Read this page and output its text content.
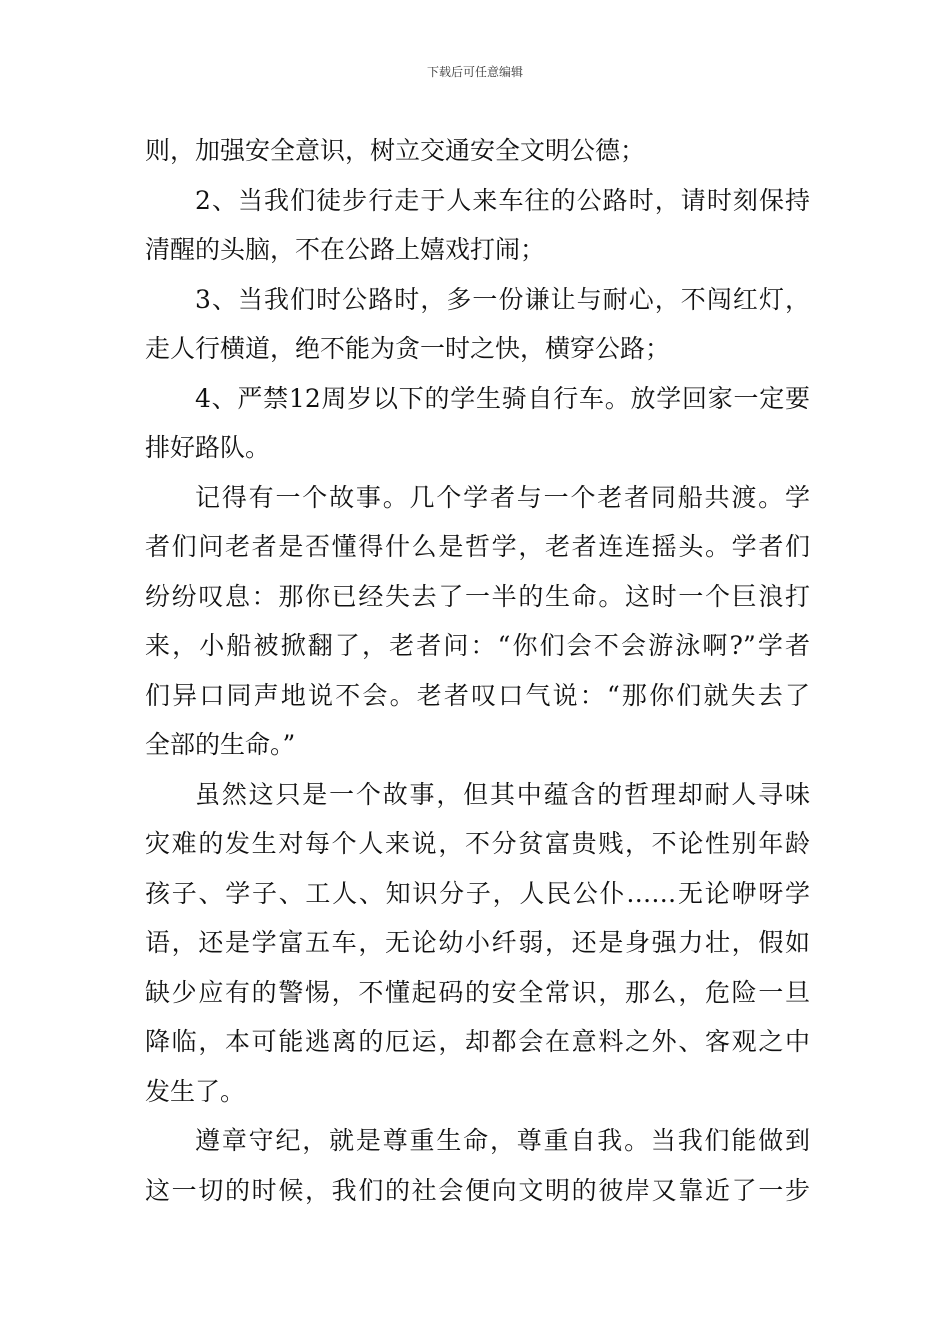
下载后可任意编辑
则，加强安全意识，树立交通安全文明公德；
2、当我们徒步行走于人来车往的公路时，请时刻保持
清醒的头脑，不在公路上嬉戏打闹；
3、当我们时公路时，多一份谦让与耐心，不闯红灯，
走人行横道，绝不能为贪一时之快，横穿公路；
4、严禁12周岁以下的学生骑自行车。放学回家一定要
排好路队。
记得有一个故事。几个学者与一个老者同船共渡。学
者们问老者是否懂得什么是哲学，老者连连摇头。学者们
纷纷叹息：那你已经失去了一半的生命。这时一个巨浪打
来，小船被掀翻了，老者问：“你们会不会游泳啊?”学者
们异口同声地说不会。老者叹口气说：“那你们就失去了
全部的生命。”
虽然这只是一个故事，但其中蕴含的哲理却耐人寻味
灾难的发生对每个人来说，不分贫富贵贱，不论性别年龄
孩子、学子、工人、知识分子，人民公仆……无论咿呀学
语，还是学富五车，无论幼小纤弱，还是身强力壮，假如
缺少应有的警惕，不懂起码的安全常识，那么，危险一旦
降临，本可能逃离的厄运，却都会在意料之外、客观之中
发生了。
遵章守纪，就是尊重生命，尊重自我。当我们能做到
这一切的时候，我们的社会便向文明的彼岸又靠近了一步
